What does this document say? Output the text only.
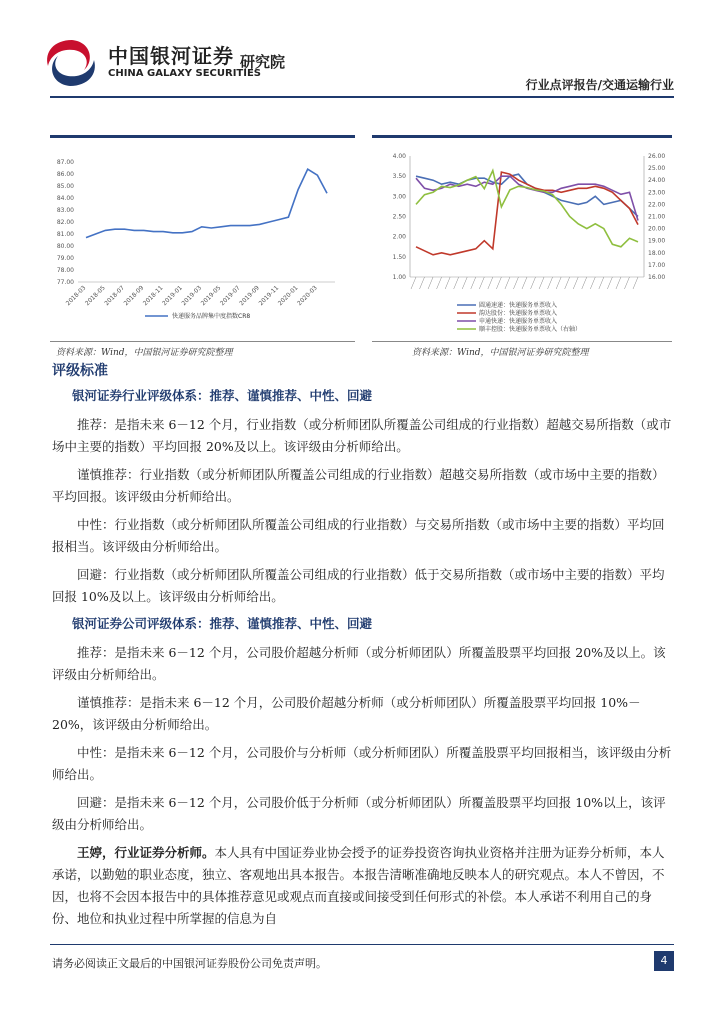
中国银河证券
CHINA GALAXY SECURITIES
研究院
行业点评报告/交通运输行业
87.00
86.00
85.00
84.00
83.00
82.00
81.00
80.00
79.00
78.00
77.00
2018-03
2018-05
2018-07
2018-09
2018-11
2019-01
2019-03
2019-05
2019-07
2019-09
2019-11
2020-01
2020-03
快递服务品牌集中度指数CR8
4.00
3.50
3.00
2.50
2.00
1.50
1.00
26.00
25.00
24.00
23.00
22.00
21.00
20.00
19.00
18.00
17.00
16.00
圆通速递：快递服务单票收入
韵达股份：快递服务单票收入
申通快递：快递服务单票收入
顺丰控股：快递服务单票收入（右轴）
资料来源：Wind，中国银河证券研究院整理	资料来源：Wind，中国银河证券研究院整理
评级标准
银河证券行业评级体系：推荐、谨慎推荐、中性、回避

推荐：是指未来 6－12 个月，行业指数（或分析师团队所覆盖公司组成的行业指数）超越交易所指数（或市场中主要的指数）平均回报 20%及以上。该评级由分析师给出。

谨慎推荐：行业指数（或分析师团队所覆盖公司组成的行业指数）超越交易所指数（或市场中主要的指数）平均回报。该评级由分析师给出。

中性：行业指数（或分析师团队所覆盖公司组成的行业指数）与交易所指数（或市场中主要的指数）平均回报相当。该评级由分析师给出。

回避：行业指数（或分析师团队所覆盖公司组成的行业指数）低于交易所指数（或市场中主要的指数）平均回报 10%及以上。该评级由分析师给出。

银河证券公司评级体系：推荐、谨慎推荐、中性、回避

推荐：是指未来 6－12 个月，公司股价超越分析师（或分析师团队）所覆盖股票平均回报 20%及以上。该评级由分析师给出。

谨慎推荐：是指未来 6－12 个月，公司股价超越分析师（或分析师团队）所覆盖股票平均回报 10%－20%，该评级由分析师给出。

中性：是指未来 6－12 个月，公司股价与分析师（或分析师团队）所覆盖股票平均回报相当，该评级由分析师给出。

回避：是指未来 6－12 个月，公司股价低于分析师（或分析师团队）所覆盖股票平均回报 10%以上，该评级由分析师给出。

王婷，行业证券分析师。本人具有中国证券业协会授予的证券投资咨询执业资格并注册为证券分析师，本人承诺，以勤勉的职业态度，独立、客观地出具本报告。本报告清晰准确地反映本人的研究观点。本人不曾因，不因，也将不会因本报告中的具体推荐意见或观点而直接或间接受到任何形式的补偿。本人承诺不利用自己的身份、地位和执业过程中所掌握的信息为自

请务必阅读正文最后的中国银河证券股份公司免责声明。	4
